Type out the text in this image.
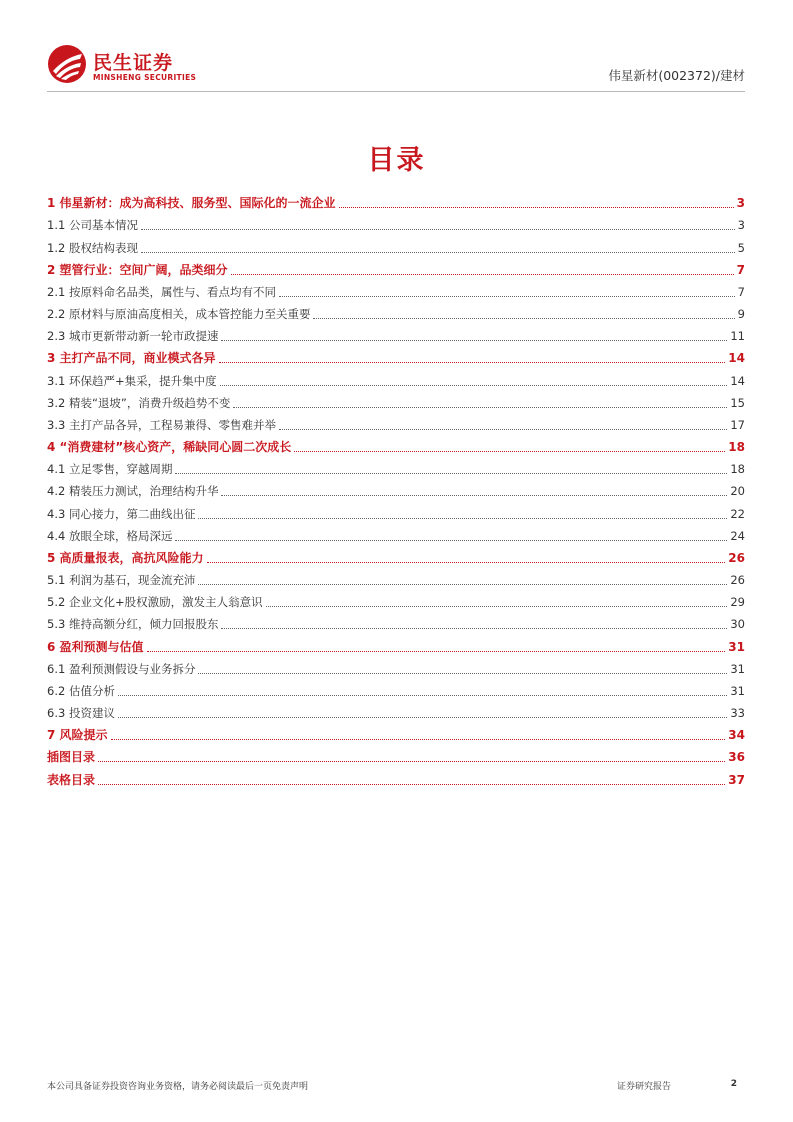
民生证券
MINSHENG SECURITIES	伟星新材(002372)/建材
目录
1 伟星新材：成为高科技、服务型、国际化的一流企业	3
1.1 公司基本情况	3
1.2 股权结构表现	5
2 塑管行业：空间广阔，品类细分	7
2.1 按原料命名品类，属性与、看点均有不同	7
2.2 原材料与原油高度相关，成本管控能力至关重要	9
2.3 城市更新带动新一轮市政提速	11
3 主打产品不同，商业模式各异	14
3.1 环保趋严+集采，提升集中度	14
3.2 精装“退坡”，消费升级趋势不变	15
3.3 主打产品各异，工程易兼得、零售难并举	17
4 “消费建材”核心资产，稀缺同心圆二次成长	18
4.1 立足零售，穿越周期	18
4.2 精装压力测试，治理结构升华	20
4.3 同心接力，第二曲线出征	22
4.4 放眼全球，格局深远	24
5 高质量报表，高抗风险能力	26
5.1 利润为基石，现金流充沛	26
5.2 企业文化+股权激励，激发主人翁意识	29
5.3 维持高额分红，倾力回报股东	30
6 盈利预测与估值	31
6.1 盈利预测假设与业务拆分	31
6.2 估值分析	31
6.3 投资建议	33
7 风险提示	34
插图目录	36
表格目录	37
本公司具备证券投资咨询业务资格，请务必阅读最后一页免责声明	证券研究报告	2
